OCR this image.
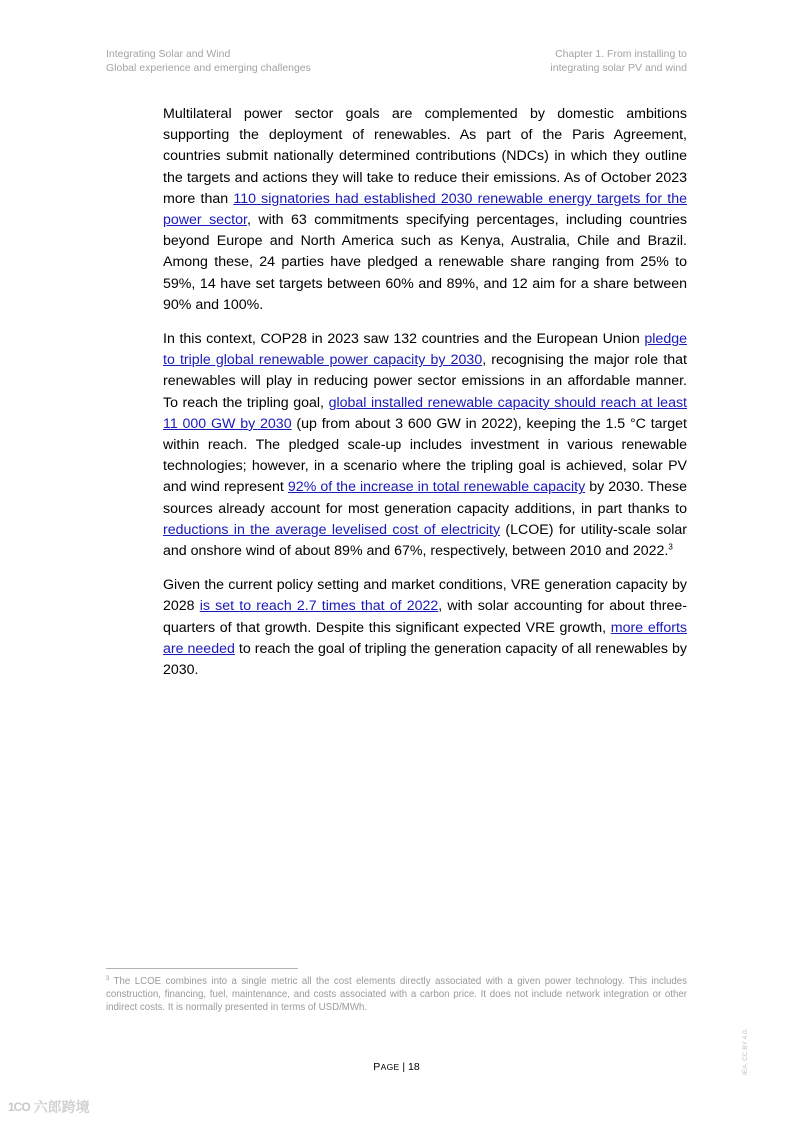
Integrating Solar and Wind
Global experience and emerging challenges
Chapter 1. From installing to
integrating solar PV and wind

Multilateral power sector goals are complemented by domestic ambitions supporting the deployment of renewables. As part of the Paris Agreement, countries submit nationally determined contributions (NDCs) in which they outline the targets and actions they will take to reduce their emissions. As of October 2023 more than 110 signatories had established 2030 renewable energy targets for the power sector, with 63 commitments specifying percentages, including countries beyond Europe and North America such as Kenya, Australia, Chile and Brazil. Among these, 24 parties have pledged a renewable share ranging from 25% to 59%, 14 have set targets between 60% and 89%, and 12 aim for a share between 90% and 100%.

In this context, COP28 in 2023 saw 132 countries and the European Union pledge to triple global renewable power capacity by 2030, recognising the major role that renewables will play in reducing power sector emissions in an affordable manner. To reach the tripling goal, global installed renewable capacity should reach at least 11 000 GW by 2030 (up from about 3 600 GW in 2022), keeping the 1.5 °C target within reach. The pledged scale-up includes investment in various renewable technologies; however, in a scenario where the tripling goal is achieved, solar PV and wind represent 92% of the increase in total renewable capacity by 2030. These sources already account for most generation capacity additions, in part thanks to reductions in the average levelised cost of electricity (LCOE) for utility-scale solar and onshore wind of about 89% and 67%, respectively, between 2010 and 2022.$^3$

Given the current policy setting and market conditions, VRE generation capacity by 2028 is set to reach 2.7 times that of 2022, with solar accounting for about three-quarters of that growth. Despite this significant expected VRE growth, more efforts are needed to reach the goal of tripling the generation capacity of all renewables by 2030.

$^3$ The LCOE combines into a single metric all the cost elements directly associated with a given power technology. This includes construction, financing, fuel, maintenance, and costs associated with a carbon price. It does not include network integration or other indirect costs. It is normally presented in terms of USD/MWh.
PAGE | 18	IEA. CC BY 4.0.
1CO 六郎跨境
